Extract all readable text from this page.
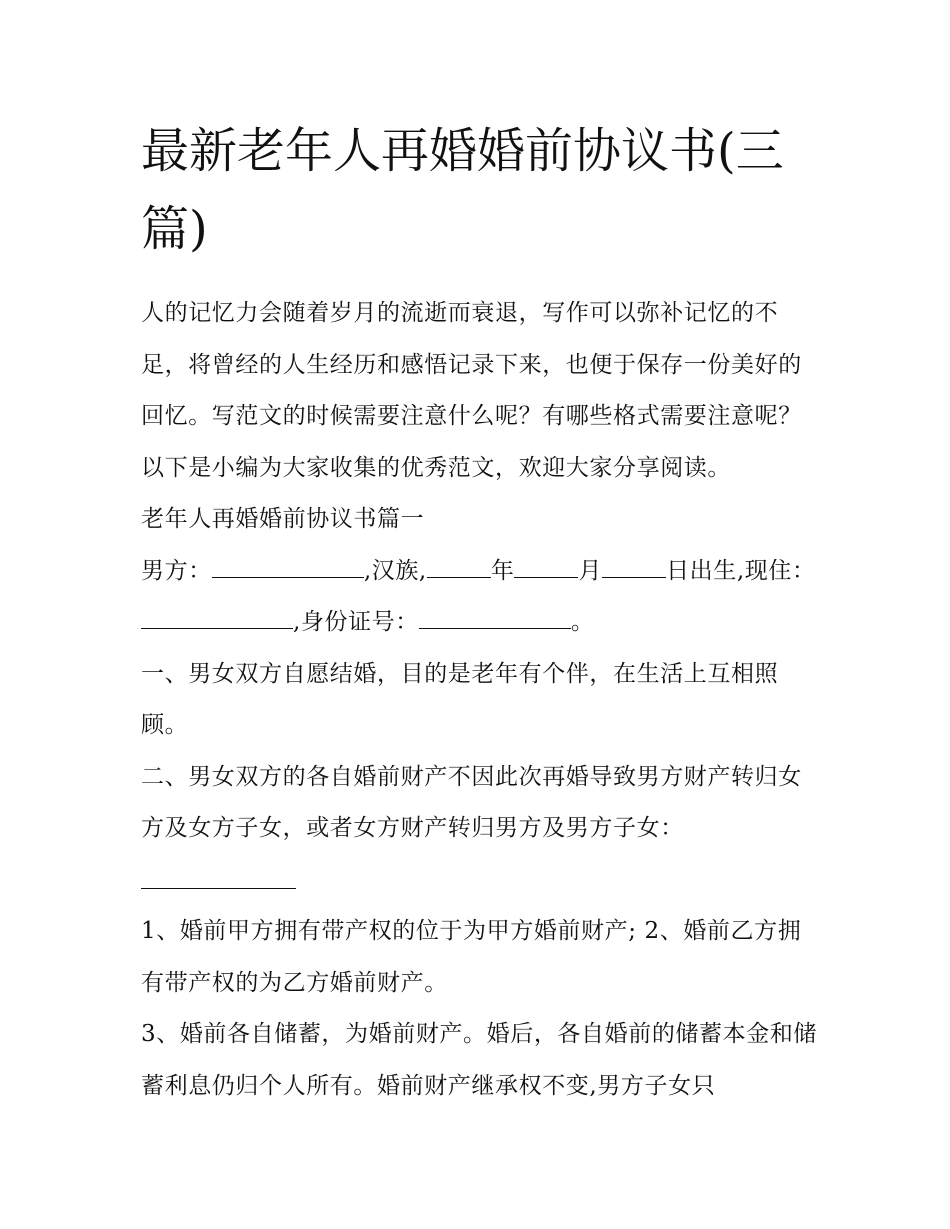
最新老年人再婚婚前协议书(三篇)

人的记忆力会随着岁月的流逝而衰退，写作可以弥补记忆的不足，将曾经的人生经历和感悟记录下来，也便于保存一份美好的回忆。写范文的时候需要注意什么呢？有哪些格式需要注意呢？以下是小编为大家收集的优秀范文，欢迎大家分享阅读。

老年人再婚婚前协议书篇一

男方：	,汉族,	年	月	日出生,现住：,身份证号：	。

一、男女双方自愿结婚，目的是老年有个伴，在生活上互相照顾。

二、男女双方的各自婚前财产不因此次再婚导致男方财产转归女方及女方子女，或者女方财产转归男方及男方子女：

1、婚前甲方拥有带产权的位于为甲方婚前财产; 2、婚前乙方拥有带产权的为乙方婚前财产。

3、婚前各自储蓄，为婚前财产。婚后，各自婚前的储蓄本金和储蓄利息仍归个人所有。婚前财产继承权不变,男方子女只
